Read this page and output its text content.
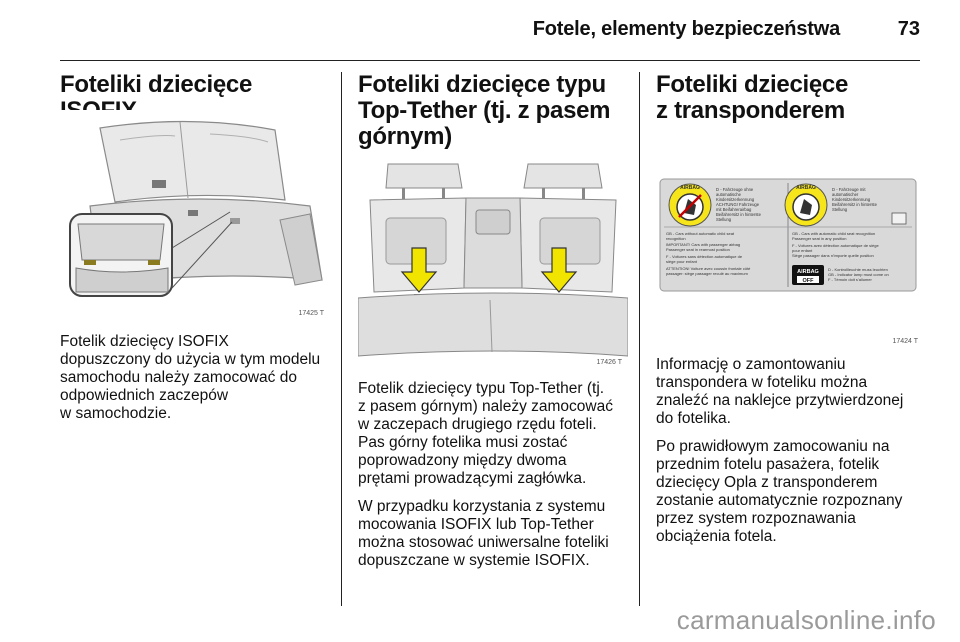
Fotele, elementy bezpieczeństwa	73
Foteliki dziecięce
17425 T

Fotelik dziecięcy ISOFIX
dopuszczony do użycia w tym modelu
samochodu należy zamocować do
odpowiednich zaczepów
w samochodzie.

Foteliki dziecięce typu
Top-Tether (tj. z pasem
górnym)
17426 T

Fotelik dziecięcy typu Top-Tether (tj.
z pasem górnym) należy zamocować
w zaczepach drugiego rzędu foteli.
Pas górny fotelika musi zostać
poprowadzony między dwoma
prętami prowadzącymi zagłówka.

W przypadku korzystania z systemu
mocowania ISOFIX lub Top-Tether
można stosować uniwersalne foteliki
dopuszczane w systemie ISOFIX.

Foteliki dziecięce
z transponderem
AIRBAG	AIRBAG
D - Fahrzeuge ohne
automatische
Kindersitzerkennung
ACHTUNG! Fahrzeuge
mit Beifahrerairbag
Beifahrersitz in hinterste
Stellung
D - Fahrzeuge mit
automatischer
Kindersitzerkennung
Beifahrersitz in hinterste
Stellung
GB - Cars without automatic child seat
recognition
IMPORTANT! Cars with passenger airbag
Passenger seat in rearmost position
F - Voitures sans détection automatique de
siège pour enfant
ATTENTION! Voiture avec coussin frontale côté
passager: siège passager reculé au maximum
GB - Cars with automatic child seat recognition
Passenger seat in any position
F - Voitures avec détection automatique de siège
pour enfant
Siège passager dans n'importe quelle position
D - Kontrollleuchte muss leuchten
GB - Indicator lamp must come on
F - Témoin doit s'allumer
AIRBAG
OFF
17424 T

Informację o zamontowaniu
transpondera w foteliku można
znaleźć na naklejce przytwierdzonej
do fotelika.

Po prawidłowym zamocowaniu na
przednim fotelu pasażera, fotelik
dziecięcy Opla z transponderem
zostanie automatycznie rozpoznany
przez system rozpoznawania
obciążenia fotela.

carmanualsonline.info
